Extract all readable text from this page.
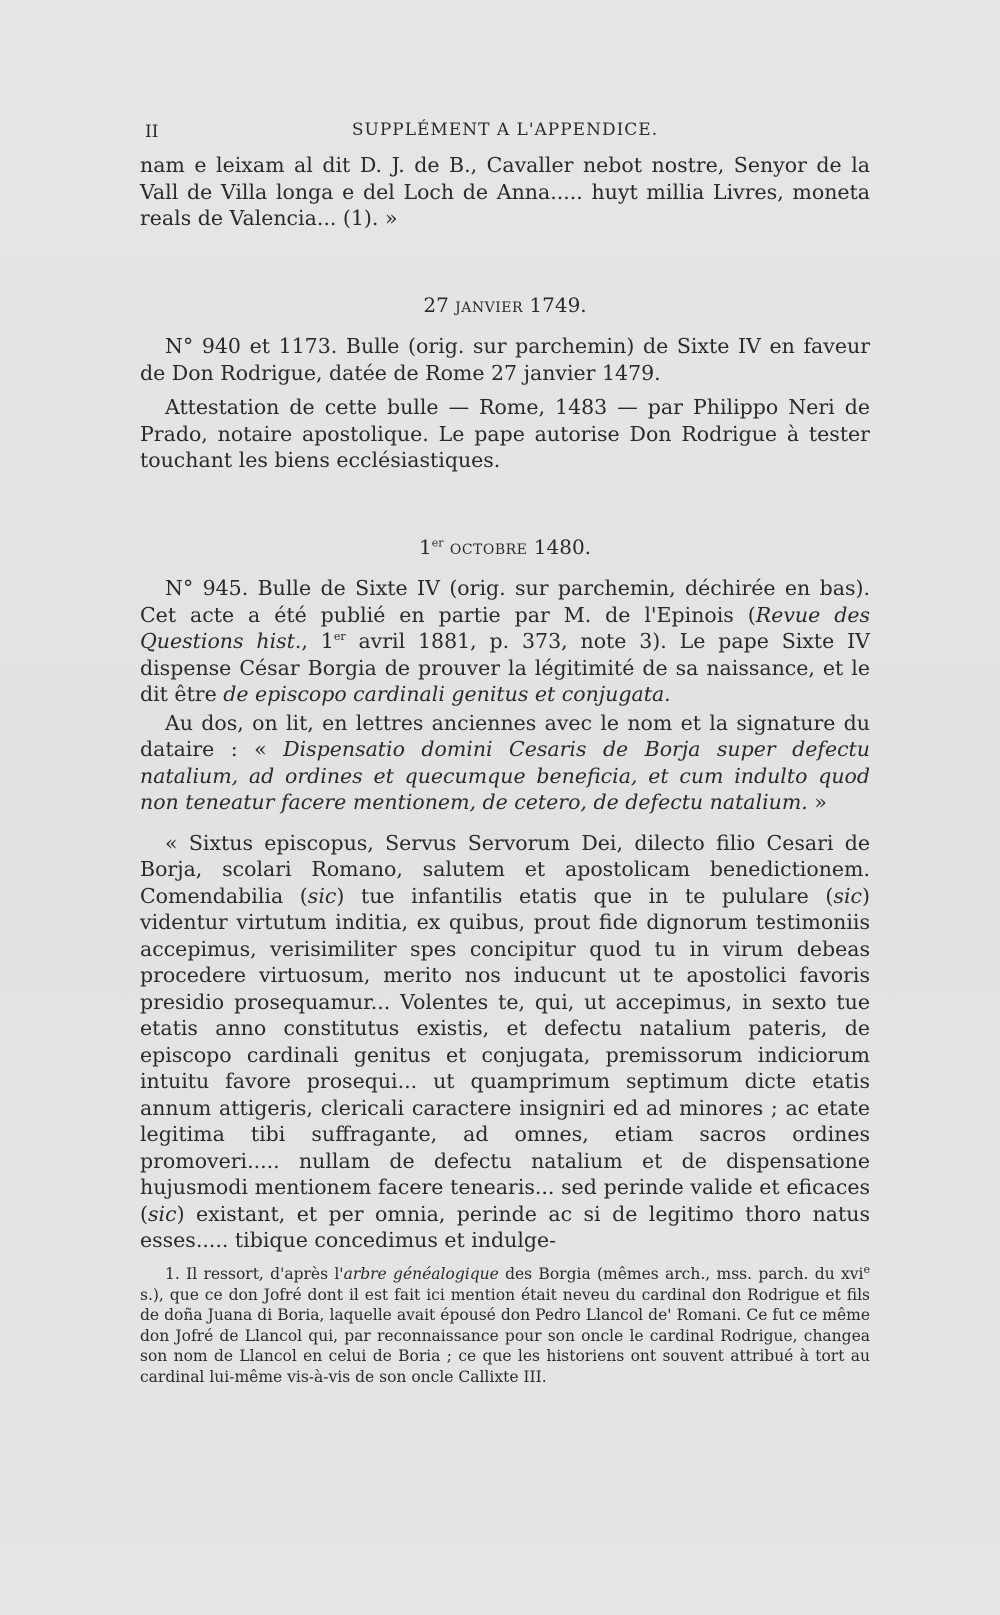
II	SUPPLÉMENT A L'APPENDICE.

nam e leixam al dit D. J. de B., Cavaller nebot nostre, Senyor de la Vall de Villa longa e del Loch de Anna..... huyt millia Livres, moneta reals de Valencia... (1). »

27 JANVIER 1749.

N° 940 et 1173. Bulle (orig. sur parchemin) de Sixte IV en faveur de Don Rodrigue, datée de Rome 27 janvier 1479.

Attestation de cette bulle — Rome, 1483 — par Philippo Neri de Prado, notaire apostolique. Le pape autorise Don Rodrigue à tester touchant les biens ecclésiastiques.

1er OCTOBRE 1480.

N° 945. Bulle de Sixte IV (orig. sur parchemin, déchirée en bas). Cet acte a été publié en partie par M. de l'Epinois (Revue des Questions hist., 1er avril 1881, p. 373, note 3). Le pape Sixte IV dispense César Borgia de prouver la légitimité de sa naissance, et le dit être de episcopo cardinali genitus et conjugata.

Au dos, on lit, en lettres anciennes avec le nom et la signature du dataire : « Dispensatio domini Cesaris de Borja super defectu natalium, ad ordines et quecumque beneficia, et cum indulto quod non teneatur facere mentionem, de cetero, de defectu natalium. »

« Sixtus episcopus, Servus Servorum Dei, dilecto filio Cesari de Borja, scolari Romano, salutem et apostolicam benedictionem. Comendabilia (sic) tue infantilis etatis que in te pululare (sic) videntur virtutum inditia, ex quibus, prout fide dignorum testimoniis accepimus, verisimiliter spes concipitur quod tu in virum debeas procedere virtuosum, merito nos inducunt ut te apostolici favoris presidio prosequamur... Volentes te, qui, ut accepimus, in sexto tue etatis anno constitutus existis, et defectu natalium pateris, de episcopo cardinali genitus et conjugata, premissorum indiciorum intuitu favore prosequi... ut quamprimum septimum dicte etatis annum attigeris, clericali caractere insigniri ed ad minores ; ac etate legitima tibi suffragante, ad omnes, etiam sacros ordines promoveri..... nullam de defectu natalium et de dispensatione hujusmodi mentionem facere tenearis... sed perinde valide et eficaces (sic) existant, et per omnia, perinde ac si de legitimo thoro natus esses..... tibique concedimus et indulge-

1. Il ressort, d'après l'arbre généalogique des Borgia (mêmes arch., mss. parch. du xvi$^e$ s.), que ce don Jofré dont il est fait ici mention était neveu du cardinal don Rodrigue et fils de doña Juana di Boria, laquelle avait épousé don Pedro Llancol de' Romani. Ce fut ce même don Jofré de Llancol qui, par reconnaissance pour son oncle le cardinal Rodrigue, changea son nom de Llancol en celui de Boria ; ce que les historiens ont souvent attribué à tort au cardinal lui-même vis-à-vis de son oncle Callixte III.
